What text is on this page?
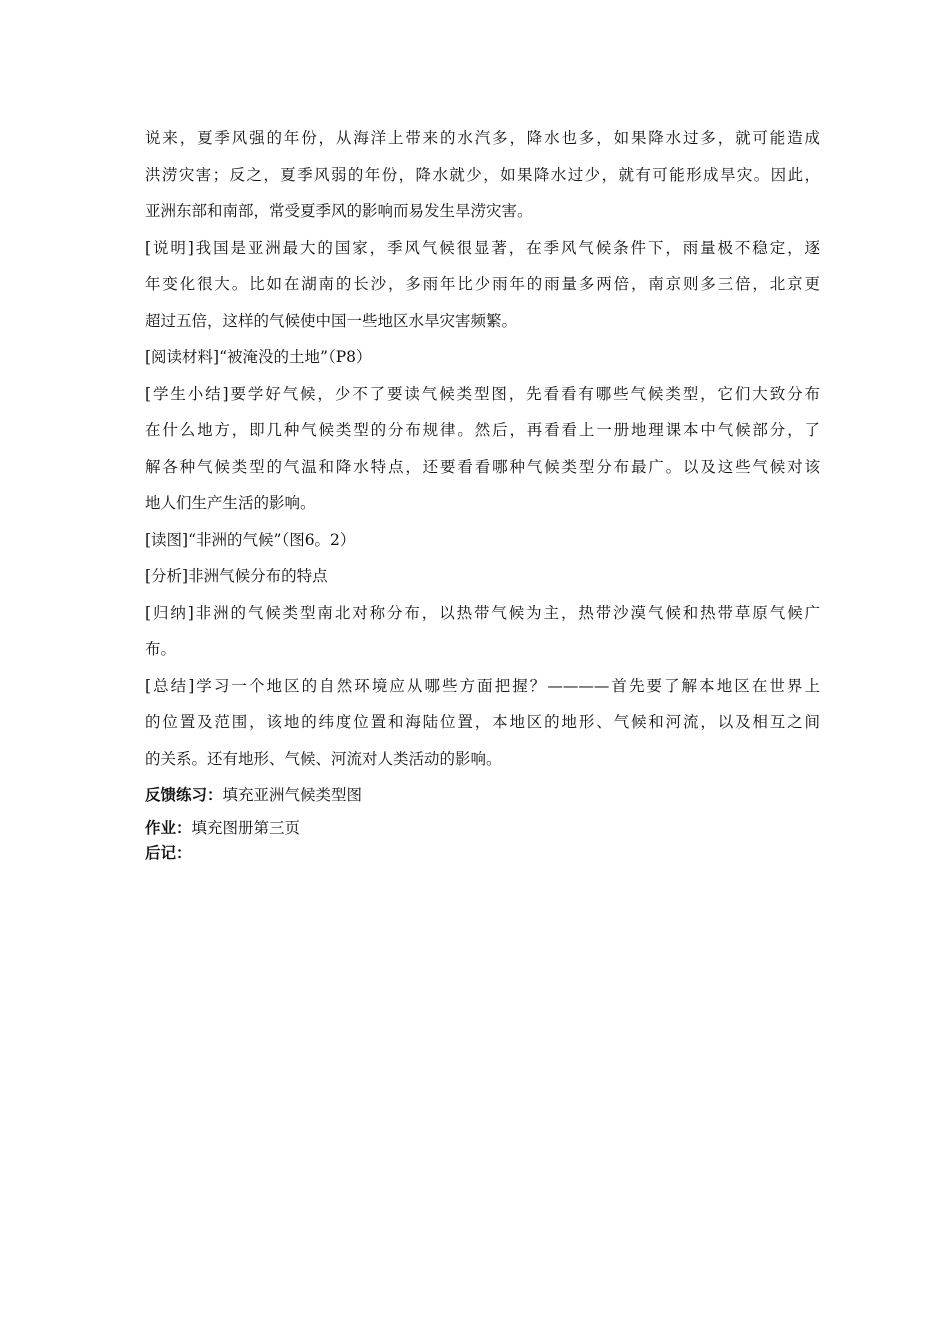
说来，夏季风强的年份，从海洋上带来的水汽多，降水也多，如果降水过多，就可能造成
洪涝灾害；反之，夏季风弱的年份，降水就少，如果降水过少，就有可能形成旱灾。因此，
亚洲东部和南部，常受夏季风的影响而易发生旱涝灾害。
[说明]我国是亚洲最大的国家，季风气候很显著，在季风气候条件下，雨量极不稳定，逐
年变化很大。比如在湖南的长沙，多雨年比少雨年的雨量多两倍，南京则多三倍，北京更
超过五倍，这样的气候使中国一些地区水旱灾害频繁。
[阅读材料]“被淹没的土地”（P8）
[学生小结]要学好气候，少不了要读气候类型图，先看看有哪些气候类型，它们大致分布
在什么地方，即几种气候类型的分布规律。然后，再看看上一册地理课本中气候部分，了
解各种气候类型的气温和降水特点，还要看看哪种气候类型分布最广。以及这些气候对该
地人们生产生活的影响。
[读图]“非洲的气候”（图6。2）
[分析]非洲气候分布的特点
[归纳]非洲的气候类型南北对称分布，以热带气候为主，热带沙漠气候和热带草原气候广
布。
[总结]学习一个地区的自然环境应从哪些方面把握？————首先要了解本地区在世界上
的位置及范围，该地的纬度位置和海陆位置，本地区的地形、气候和河流，以及相互之间
的关系。还有地形、气候、河流对人类活动的影响。
反馈练习：填充亚洲气候类型图
作业：填充图册第三页
后记：
